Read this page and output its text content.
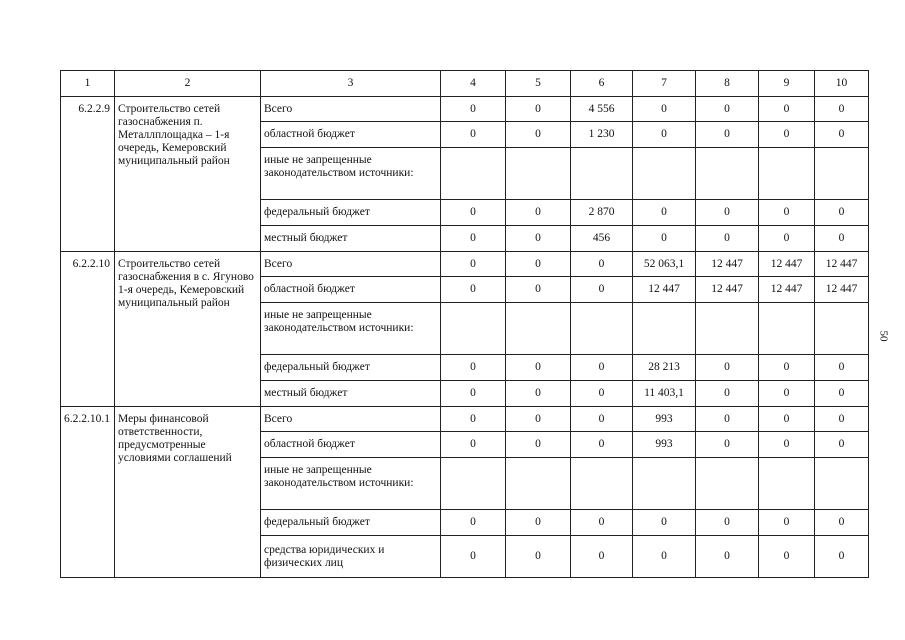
1	2	3	4	5	6	7	8	9	10
6.2.2.9	Строительство сетей газоснабжения п. Металлплощадка – 1-я очередь, Кемеровский муниципальный район	Всего	0	0	4 556	0	0	0	0
		областной бюджет	0	0	1 230	0	0	0	0
		иные не запрещенные законодательством источники:							
		федеральный бюджет	0	0	2 870	0	0	0	0
		местный бюджет	0	0	456	0	0	0	0
6.2.2.10	Строительство сетей газоснабжения в с. Ягуново 1-я очередь, Кемеровский муниципальный район	Всего	0	0	0	52 063,1	12 447	12 447	12 447
		областной бюджет	0	0	0	12 447	12 447	12 447	12 447
		иные не запрещенные законодательством источники:							
		федеральный бюджет	0	0	0	28 213	0	0	0
		местный бюджет	0	0	0	11 403,1	0	0	0
6.2.2.10.1	Меры финансовой ответственности, предусмотренные условиями соглашений	Всего	0	0	0	993	0	0	0
		областной бюджет	0	0	0	993	0	0	0
		иные не запрещенные законодательством источники:							
		федеральный бюджет	0	0	0	0	0	0	0
		средства юридических и физических лиц	0	0	0	0	0	0	0
50
